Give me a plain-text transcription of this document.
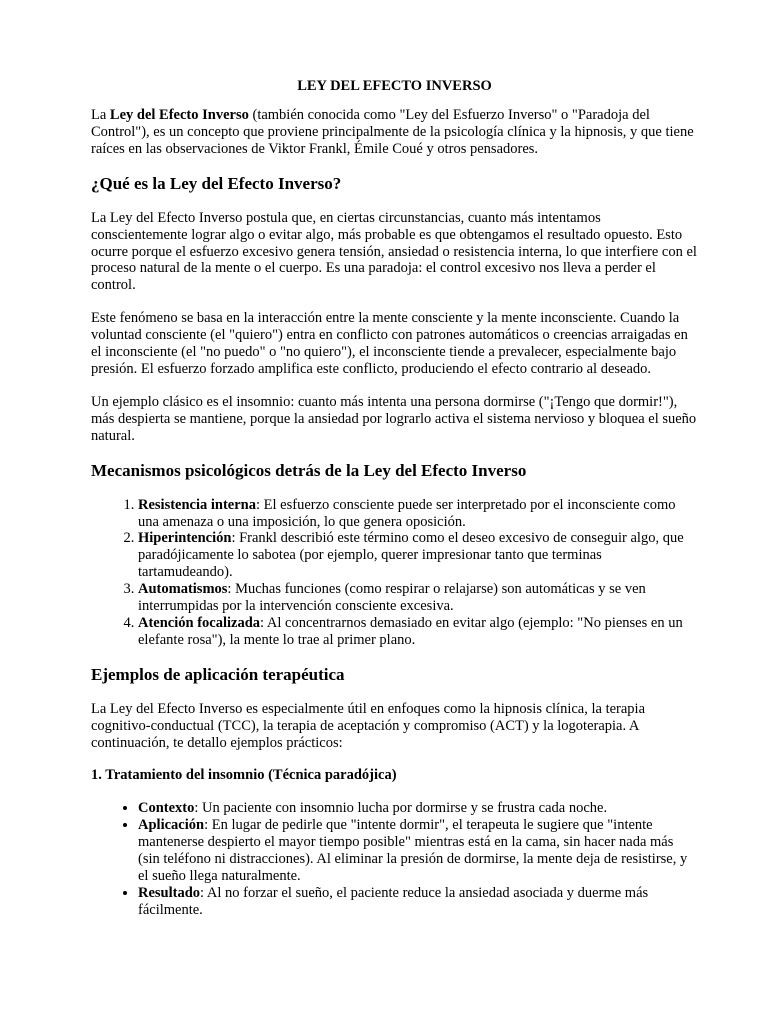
LEY DEL EFECTO INVERSO

La Ley del Efecto Inverso (también conocida como "Ley del Esfuerzo Inverso" o "Paradoja del Control"), es un concepto que proviene principalmente de la psicología clínica y la hipnosis, y que tiene raíces en las observaciones de Viktor Frankl, Émile Coué y otros pensadores.

¿Qué es la Ley del Efecto Inverso?

La Ley del Efecto Inverso postula que, en ciertas circunstancias, cuanto más intentamos conscientemente lograr algo o evitar algo, más probable es que obtengamos el resultado opuesto. Esto ocurre porque el esfuerzo excesivo genera tensión, ansiedad o resistencia interna, lo que interfiere con el proceso natural de la mente o el cuerpo. Es una paradoja: el control excesivo nos lleva a perder el control.

Este fenómeno se basa en la interacción entre la mente consciente y la mente inconsciente. Cuando la voluntad consciente (el "quiero") entra en conflicto con patrones automáticos o creencias arraigadas en el inconsciente (el "no puedo" o "no quiero"), el inconsciente tiende a prevalecer, especialmente bajo presión. El esfuerzo forzado amplifica este conflicto, produciendo el efecto contrario al deseado.

Un ejemplo clásico es el insomnio: cuanto más intenta una persona dormirse ("¡Tengo que dormir!"), más despierta se mantiene, porque la ansiedad por lograrlo activa el sistema nervioso y bloquea el sueño natural.

Mecanismos psicológicos detrás de la Ley del Efecto Inverso
1. Resistencia interna: El esfuerzo consciente puede ser interpretado por el inconsciente como una amenaza o una imposición, lo que genera oposición.
2. Hiperintención: Frankl describió este término como el deseo excesivo de conseguir algo, que paradójicamente lo sabotea (por ejemplo, querer impresionar tanto que terminas tartamudeando).
3. Automatismos: Muchas funciones (como respirar o relajarse) son automáticas y se ven interrumpidas por la intervención consciente excesiva.
4. Atención focalizada: Al concentrarnos demasiado en evitar algo (ejemplo: "No pienses en un elefante rosa"), la mente lo trae al primer plano.
Ejemplos de aplicación terapéutica

La Ley del Efecto Inverso es especialmente útil en enfoques como la hipnosis clínica, la terapia cognitivo-conductual (TCC), la terapia de aceptación y compromiso (ACT) y la logoterapia. A continuación, te detallo ejemplos prácticos:

1. Tratamiento del insomnio (Técnica paradójica)
• Contexto: Un paciente con insomnio lucha por dormirse y se frustra cada noche.
• Aplicación: En lugar de pedirle que "intente dormir", el terapeuta le sugiere que "intente mantenerse despierto el mayor tiempo posible" mientras está en la cama, sin hacer nada más (sin teléfono ni distracciones). Al eliminar la presión de dormirse, la mente deja de resistirse, y el sueño llega naturalmente.
• Resultado: Al no forzar el sueño, el paciente reduce la ansiedad asociada y duerme más fácilmente.
